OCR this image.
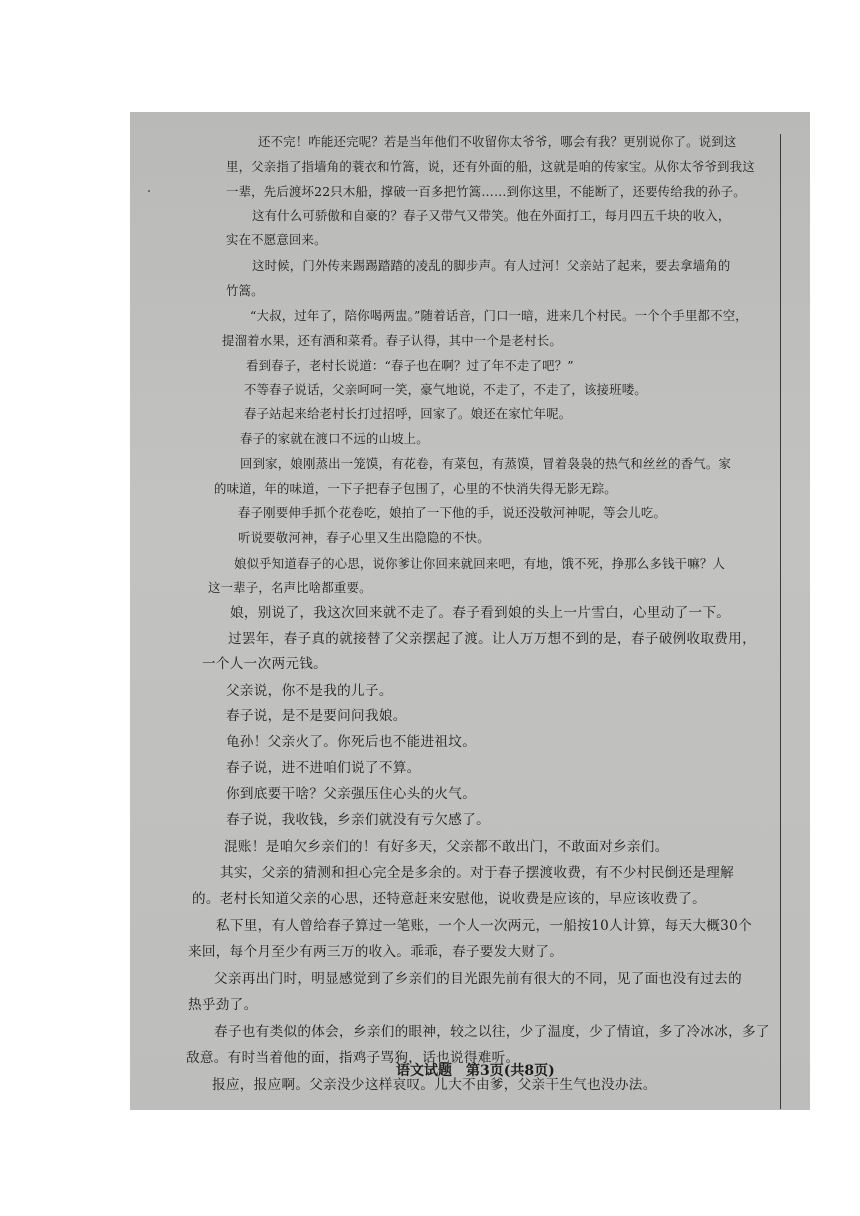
还不完！咋能还完呢？若是当年他们不收留你太爷爷，哪会有我？更别说你了。说到这
里，父亲指了指墙角的蓑衣和竹篙，说，还有外面的船，这就是咱的传家宝。从你太爷爷到我这
一辈，先后渡坏22只木船，撑破一百多把竹篙……到你这里，不能断了，还要传给我的孙子。
这有什么可骄傲和自豪的？春子又带气又带笑。他在外面打工，每月四五千块的收入，
实在不愿意回来。
这时候，门外传来踢踢踏踏的凌乱的脚步声。有人过河！父亲站了起来，要去拿墙角的
竹篙。
“大叔，过年了，陪你喝两盅。”随着话音，门口一暗，进来几个村民。一个个手里都不空，
提溜着水果，还有酒和菜肴。春子认得，其中一个是老村长。
看到春子，老村长说道：“春子也在啊？过了年不走了吧？”
不等春子说话，父亲呵呵一笑，豪气地说，不走了，不走了，该接班喽。
春子站起来给老村长打过招呼，回家了。娘还在家忙年呢。
春子的家就在渡口不远的山坡上。
回到家，娘刚蒸出一笼馍，有花卷，有菜包，有蒸馍，冒着袅袅的热气和丝丝的香气。家
的味道，年的味道，一下子把春子包围了，心里的不快消失得无影无踪。
春子刚要伸手抓个花卷吃，娘拍了一下他的手，说还没敬河神呢，等会儿吃。
听说要敬河神，春子心里又生出隐隐的不快。
娘似乎知道春子的心思，说你爹让你回来就回来吧，有地，饿不死，挣那么多钱干嘛？人
这一辈子，名声比啥都重要。
娘，别说了，我这次回来就不走了。春子看到娘的头上一片雪白，心里动了一下。
过罢年，春子真的就接替了父亲摆起了渡。让人万万想不到的是，春子破例收取费用，
一个人一次两元钱。
父亲说，你不是我的儿子。
春子说，是不是要问问我娘。
龟孙！父亲火了。你死后也不能进祖坟。
春子说，进不进咱们说了不算。
你到底要干啥？父亲强压住心头的火气。
春子说，我收钱，乡亲们就没有亏欠感了。
混账！是咱欠乡亲们的！有好多天，父亲都不敢出门，不敢面对乡亲们。
其实，父亲的猜测和担心完全是多余的。对于春子摆渡收费，有不少村民倒还是理解
的。老村长知道父亲的心思，还特意赶来安慰他，说收费是应该的，早应该收费了。
私下里，有人曾给春子算过一笔账，一个人一次两元，一船按10人计算，每天大概30个
来回，每个月至少有两三万的收入。乖乖，春子要发大财了。
父亲再出门时，明显感觉到了乡亲们的目光跟先前有很大的不同，见了面也没有过去的
热乎劲了。
春子也有类似的体会，乡亲们的眼神，较之以往，少了温度，少了情谊，多了冷冰冰，多了
敌意。有时当着他的面，指鸡子骂狗，话也说得难听。
报应，报应啊。父亲没少这样哀叹。儿大不由爹，父亲干生气也没办法。
语文试题　第3页(共8页)
